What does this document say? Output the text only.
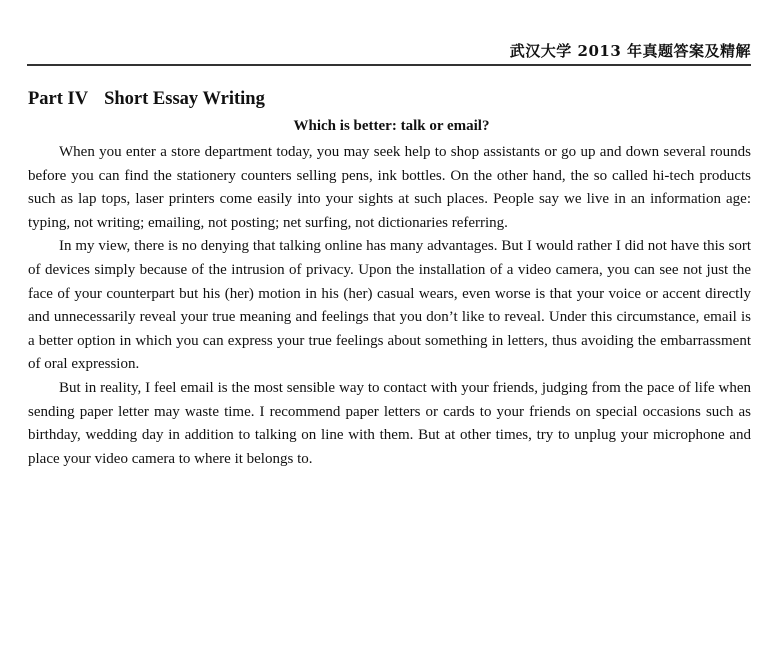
武汉大学 2013 年真题答案及精解
Part IV Short Essay Writing
Which is better: talk or email?

When you enter a store department today, you may seek help to shop assistants or go up and down several rounds before you can find the stationery counters selling pens, ink bottles. On the other hand, the so called hi-tech products such as lap tops, laser printers come easily into your sights at such places. People say we live in an information age: typing, not writing; emailing, not posting; net surfing, not dictionaries referring.

In my view, there is no denying that talking online has many advantages. But I would rather I did not have this sort of devices simply because of the intrusion of privacy. Upon the installation of a video camera, you can see not just the face of your counterpart but his (her) motion in his (her) casual wears, even worse is that your voice or accent directly and unnecessarily reveal your true meaning and feelings that you don’t like to reveal. Under this circumstance, email is a better option in which you can express your true feelings about something in letters, thus avoiding the embarrassment of oral expression.

But in reality, I feel email is the most sensible way to contact with your friends, judging from the pace of life when sending paper letter may waste time. I recommend paper letters or cards to your friends on special occasions such as birthday, wedding day in addition to talking on line with them. But at other times, try to unplug your microphone and place your video camera to where it belongs to.
